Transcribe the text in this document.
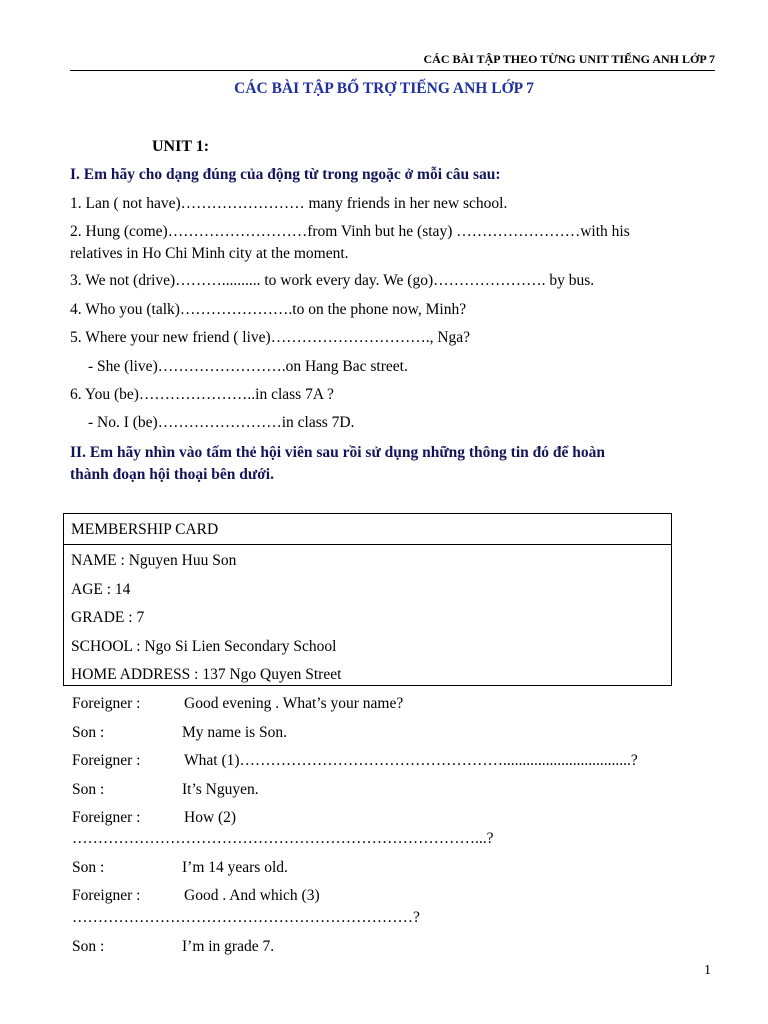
CÁC BÀI TẬP THEO TỪNG UNIT TIẾNG ANH LỚP 7
CÁC BÀI TẬP BỔ TRỢ TIẾNG ANH LỚP 7
UNIT 1:
I. Em hãy cho dạng đúng của động từ trong ngoặc ở mỗi câu sau:
1. Lan ( not have)…………………… many friends in her new school.
2. Hung (come)………………………from Vinh but he (stay) ……………………with his
relatives in Ho Chi Minh city at the moment.
3. We not (drive)……….......... to work every day. We (go)…………………. by bus.
4. Who you (talk)………………….to on the phone now, Minh?
5. Where your new friend ( live)…………………………., Nga?
- She (live)…………………….on Hang Bac street.
6. You (be)…………………..in class 7A ?
- No. I (be)……………………in class 7D.
II. Em hãy nhìn vào tấm thẻ hội viên sau rồi sử dụng những thông tin đó để hoàn
thành đoạn hội thoại bên dưới.
MEMBERSHIP CARD
NAME : Nguyen Huu Son
AGE : 14
GRADE : 7
SCHOOL : Ngo Si Lien Secondary School
HOME ADDRESS : 137 Ngo Quyen Street
Foreigner :	Good evening . What’s your name?
Son :	My name is Son.
Foreigner :	What (1)…………………………………………….................................?
Son :	It’s Nguyen.
Foreigner :	How (2)
……………………………………………………………………...?
Son :	I’m 14 years old.
Foreigner :	Good . And which (3)
…………………………………………………………?
Son :	I’m in grade 7.
1
